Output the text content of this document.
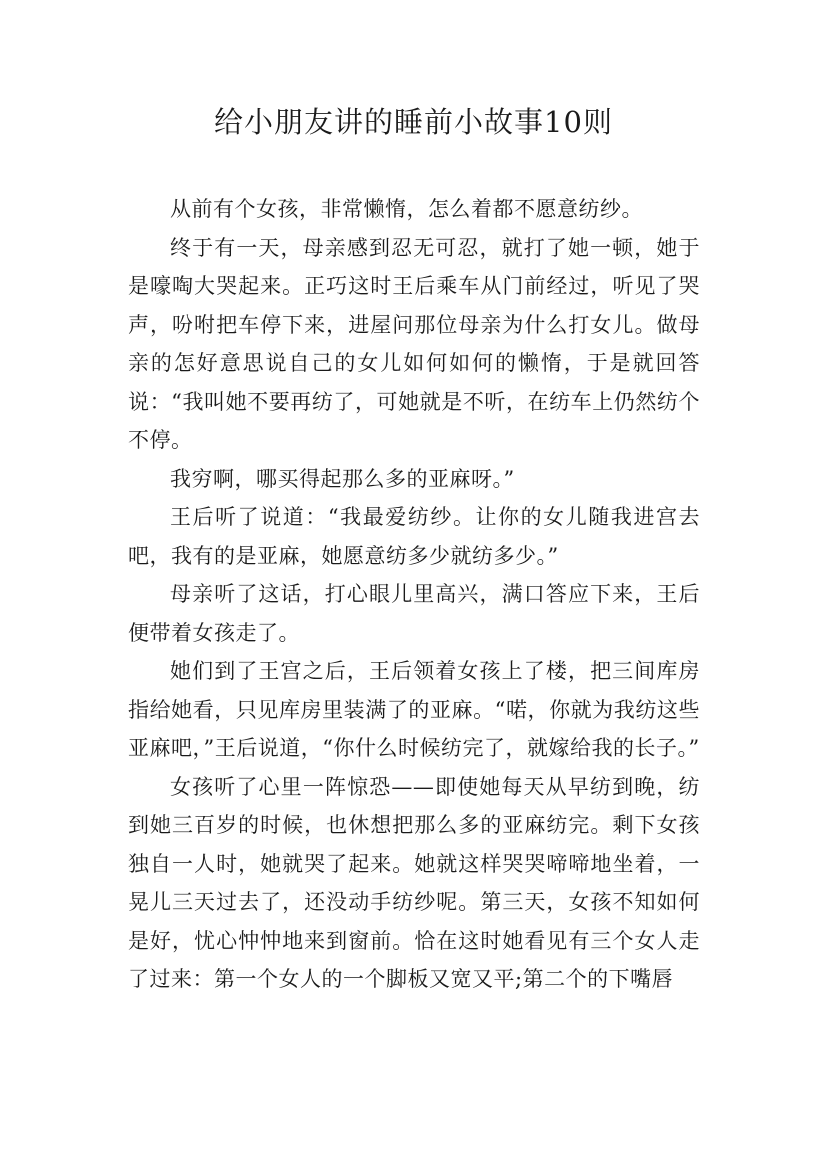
给小朋友讲的睡前小故事10则

从前有个女孩，非常懒惰，怎么着都不愿意纺纱。

终于有一天，母亲感到忍无可忍，就打了她一顿，她于是嚎啕大哭起来。正巧这时王后乘车从门前经过，听见了哭声，吩咐把车停下来，进屋问那位母亲为什么打女儿。做母亲的怎好意思说自己的女儿如何如何的懒惰，于是就回答说：“我叫她不要再纺了，可她就是不听，在纺车上仍然纺个不停。

我穷啊，哪买得起那么多的亚麻呀。”

王后听了说道：“我最爱纺纱。让你的女儿随我进宫去吧，我有的是亚麻，她愿意纺多少就纺多少。”

母亲听了这话，打心眼儿里高兴，满口答应下来，王后便带着女孩走了。

她们到了王宫之后，王后领着女孩上了楼，把三间库房指给她看，只见库房里装满了的亚麻。“喏，你就为我纺这些亚麻吧，”王后说道，“你什么时候纺完了，就嫁给我的长子。”

女孩听了心里一阵惊恐——即使她每天从早纺到晚，纺到她三百岁的时候，也休想把那么多的亚麻纺完。剩下女孩独自一人时，她就哭了起来。她就这样哭哭啼啼地坐着，一晃儿三天过去了，还没动手纺纱呢。第三天，女孩不知如何是好，忧心忡忡地来到窗前。恰在这时她看见有三个女人走了过来：第一个女人的一个脚板又宽又平;第二个的下嘴唇
